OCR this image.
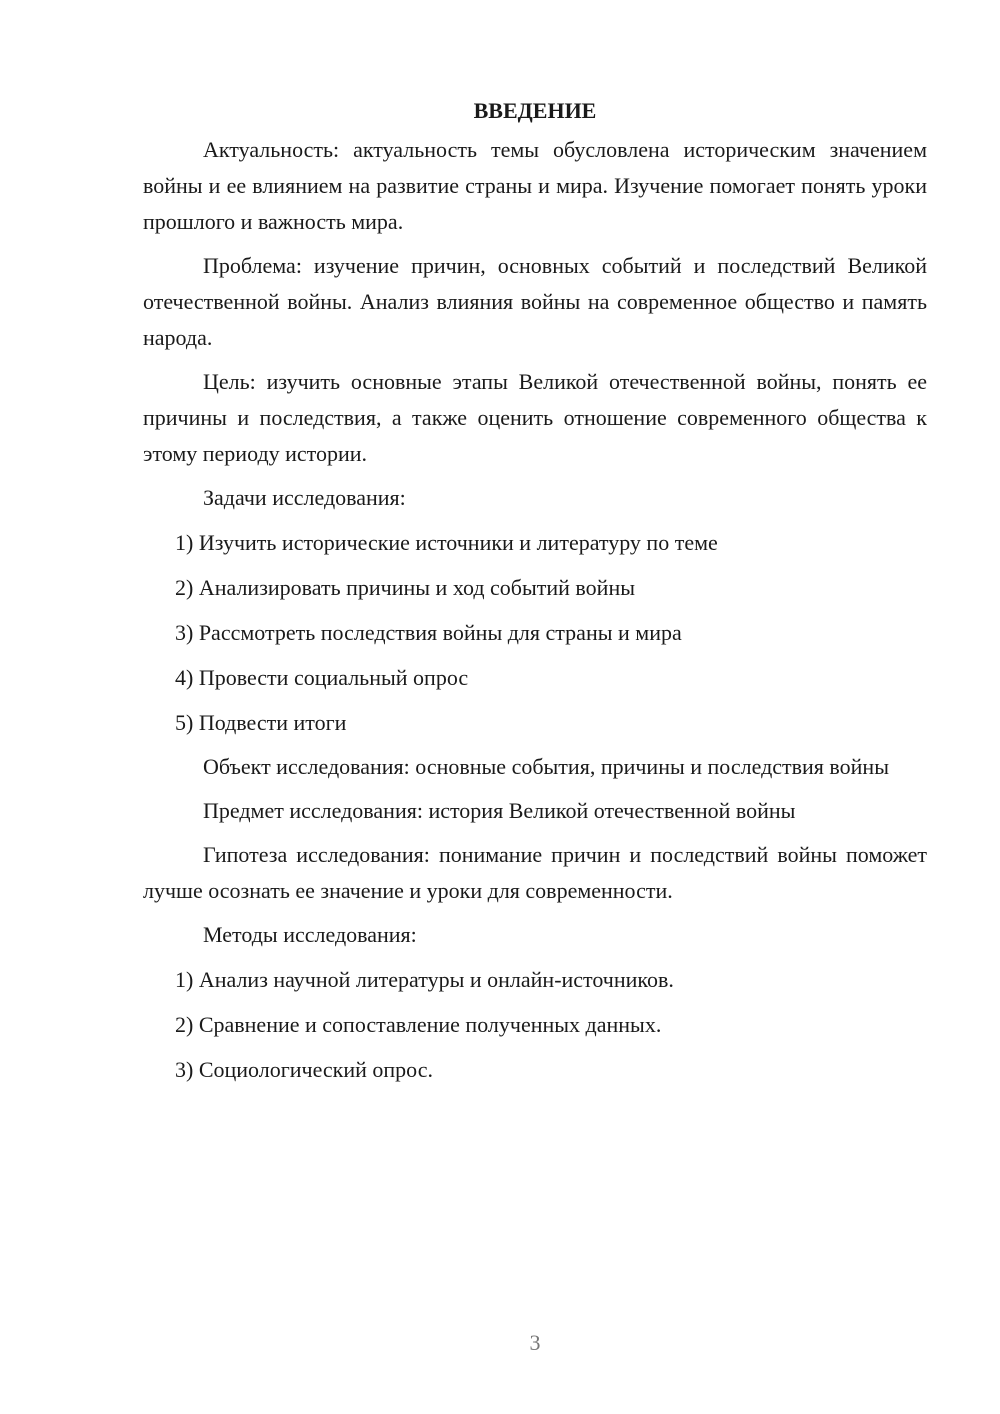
ВВЕДЕНИЕ

Актуальность: актуальность темы обусловлена историческим значением войны и ее влиянием на развитие страны и мира. Изучение помогает понять уроки прошлого и важность мира.

Проблема: изучение причин, основных событий и последствий Великой отечественной войны. Анализ влияния войны на современное общество и память народа.

Цель: изучить основные этапы Великой отечественной войны, понять ее причины и последствия, а также оценить отношение современного общества к этому периоду истории.

Задачи исследования:

1) Изучить исторические источники и литературу по теме
2) Анализировать причины и ход событий войны
3) Рассмотреть последствия войны для страны и мира
4) Провести социальный опрос
5) Подвести итоги

Объект исследования: основные события, причины и последствия войны

Предмет исследования: история Великой отечественной войны

Гипотеза исследования: понимание причин и последствий войны поможет лучше осознать ее значение и уроки для современности.

Методы исследования:

1) Анализ научной литературы и онлайн-источников.
2) Сравнение и сопоставление полученных данных.
3) Социологический опрос.
3
